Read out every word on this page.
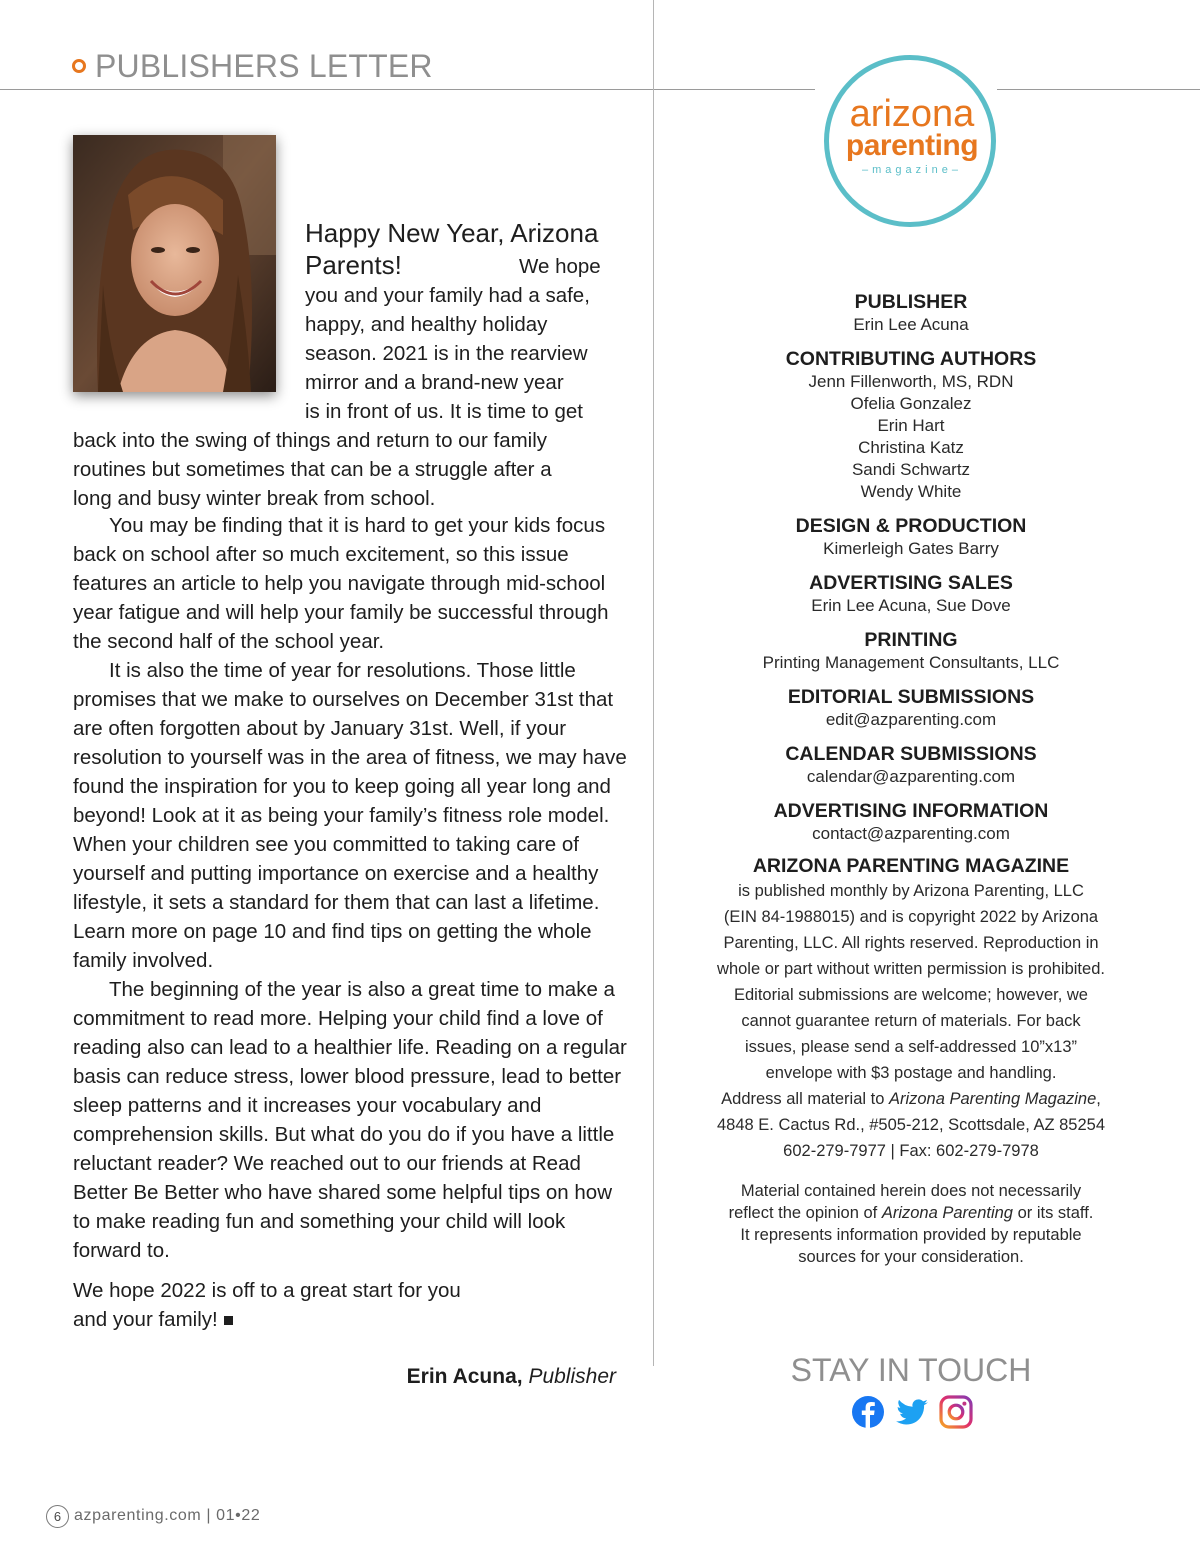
PUBLISHERS LETTER
arizona
parenting
–magazine–
Happy New Year, Arizona Parents!	We hope
you and your family had a safe,
happy, and healthy holiday
season. 2021 is in the rearview
mirror and a brand-new year
is in front of us. It is time to get
back into the swing of things and return to our family
routines but sometimes that can be a struggle after a
long and busy winter break from school.

You may be finding that it is hard to get your kids focus back on school after so much excitement, so this issue features an article to help you navigate through mid-school year fatigue and will help your family be successful through the second half of the school year.

It is also the time of year for resolutions. Those little promises that we make to ourselves on December 31st that are often forgotten about by January 31st. Well, if your resolution to yourself was in the area of fitness, we may have found the inspiration for you to keep going all year long and beyond! Look at it as being your family’s fitness role model. When your children see you committed to taking care of yourself and putting importance on exercise and a healthy lifestyle, it sets a standard for them that can last a lifetime. Learn more on page 10 and find tips on getting the whole family involved.

The beginning of the year is also a great time to make a commitment to read more. Helping your child find a love of reading also can lead to a healthier life. Reading on a regular basis can reduce stress, lower blood pressure, lead to better sleep patterns and it increases your vocabulary and comprehension skills. But what do you do if you have a little reluctant reader? We reached out to our friends at Read Better Be Better who have shared some helpful tips on how to make reading fun and something your child will look forward to.

We hope 2022 is off to a great start for you and your family!
Erin Acuna, Publisher
PUBLISHER
Erin Lee Acuna
CONTRIBUTING AUTHORS
Jenn Fillenworth, MS, RDN
Ofelia Gonzalez
Erin Hart
Christina Katz
Sandi Schwartz
Wendy White
DESIGN & PRODUCTION
Kimerleigh Gates Barry
ADVERTISING SALES
Erin Lee Acuna, Sue Dove
PRINTING
Printing Management Consultants, LLC
EDITORIAL SUBMISSIONS
edit@azparenting.com
CALENDAR SUBMISSIONS
calendar@azparenting.com
ADVERTISING INFORMATION
contact@azparenting.com
ARIZONA PARENTING MAGAZINE
is published monthly by Arizona Parenting, LLC
(EIN 84-1988015) and is copyright 2022 by Arizona
Parenting, LLC. All rights reserved. Reproduction in
whole or part without written permission is prohibited.
Editorial submissions are welcome; however, we
cannot guarantee return of materials. For back
issues, please send a self-addressed 10”x13”
envelope with $3 postage and handling.
Address all material to Arizona Parenting Magazine,
4848 E. Cactus Rd., #505-212, Scottsdale, AZ 85254
602-279-7977 | Fax: 602-279-7978
Material contained herein does not necessarily
reflect the opinion of Arizona Parenting or its staff.
It represents information provided by reputable
sources for your consideration.
STAY IN TOUCH
6 azparenting.com | 01•22
